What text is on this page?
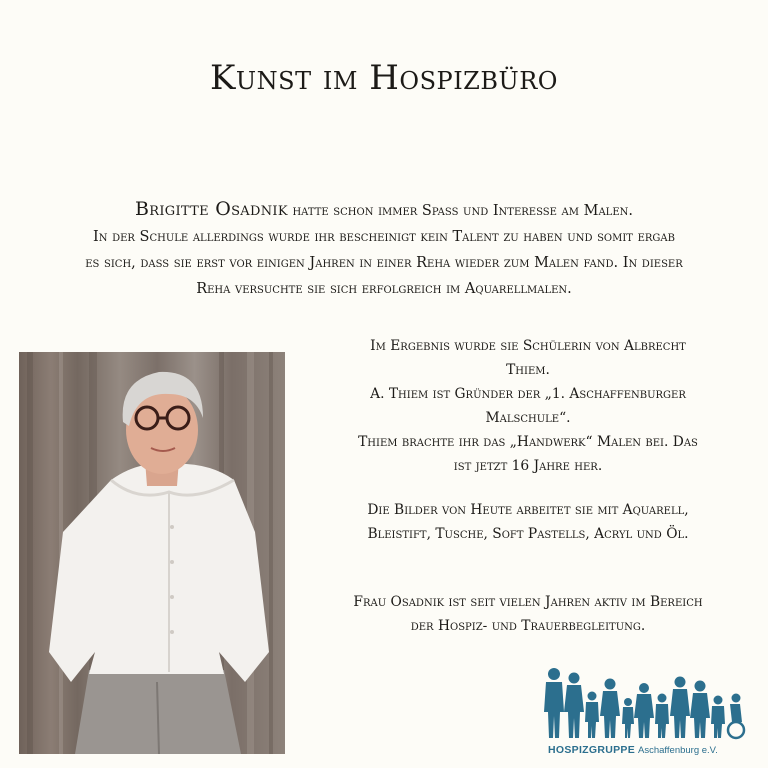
Kunst im Hospizbüro

Brigitte Osadnik hatte schon immer Spass und Interesse am Malen.
In der Schule allerdings wurde ihr bescheinigt kein Talent zu haben und somit ergab
es sich, dass sie erst vor einigen Jahren in einer Reha wieder zum Malen fand. In dieser
Reha versuchte sie sich erfolgreich im Aquarellmalen.

Im Ergebnis wurde sie Schülerin von Albrecht
Thiem.
A. Thiem ist Gründer der „1. Aschaffenburger
Malschule“.
Thiem brachte ihr das „Handwerk“ Malen bei. Das
ist jetzt 16 Jahre her.

Die Bilder von Heute arbeitet sie mit Aquarell,
Bleistift, Tusche, Soft Pastells, Acryl und Öl.

Frau Osadnik ist seit vielen Jahren aktiv im Bereich
der Hospiz- und Trauerbegleitung.

HOSPIZGRUPPE Aschaffenburg e.V.
